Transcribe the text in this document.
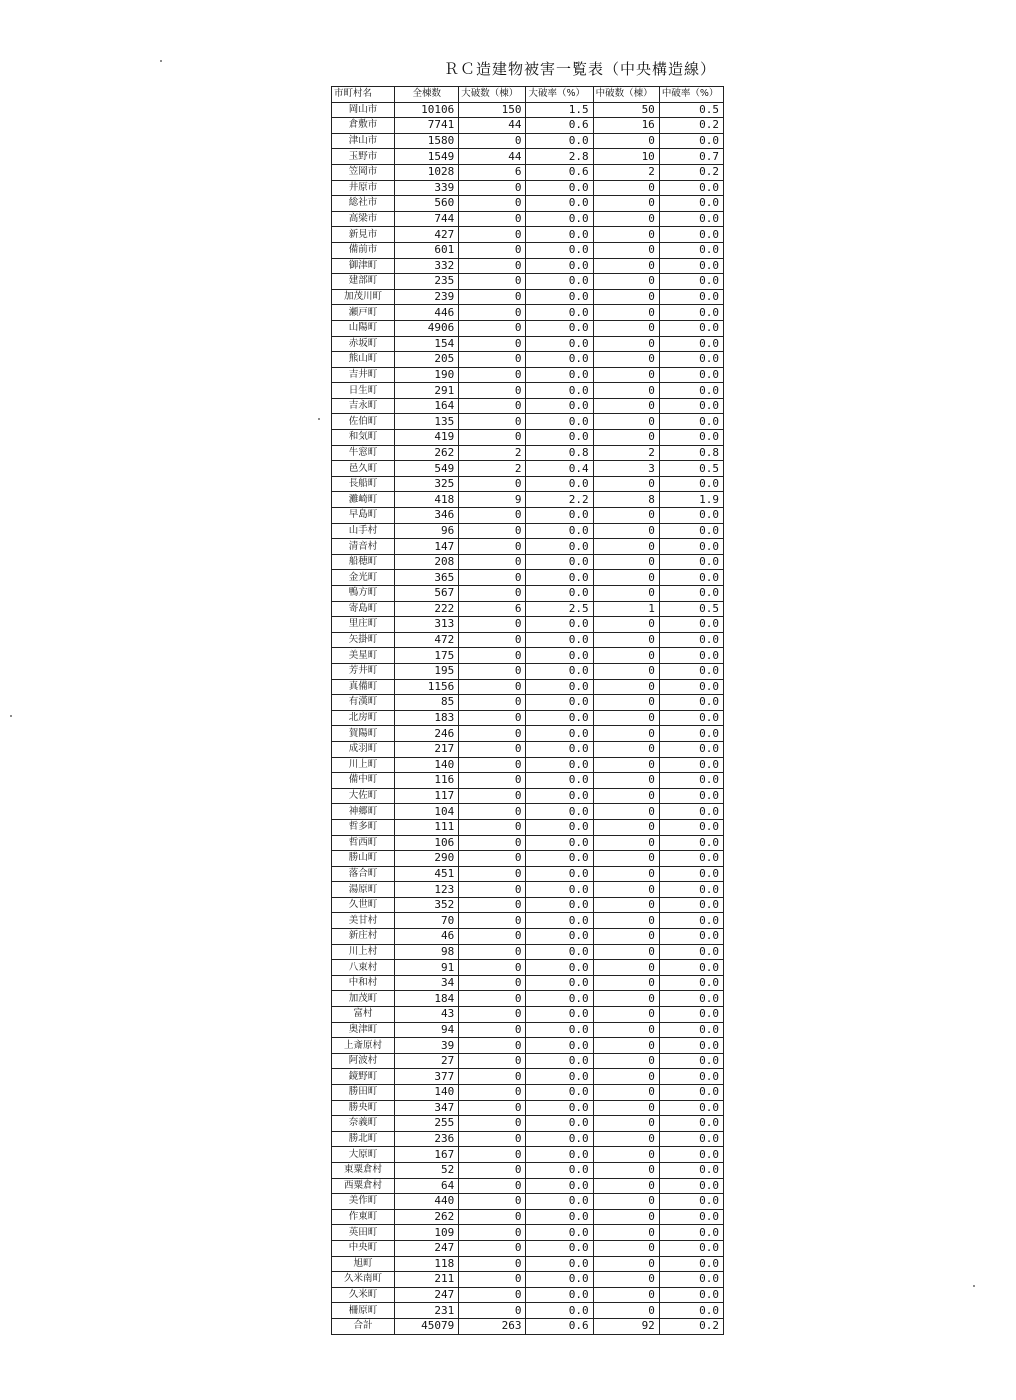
ＲＣ造建物被害一覧表（中央構造線）
市町村名	全棟数	大破数（棟）	大破率（%）	中破数（棟）	中破率（%）
岡山市	10106	150	1.5	50	0.5
倉敷市	7741	44	0.6	16	0.2
津山市	1580	0	0.0	0	0.0
玉野市	1549	44	2.8	10	0.7
笠岡市	1028	6	0.6	2	0.2
井原市	339	0	0.0	0	0.0
総社市	560	0	0.0	0	0.0
高梁市	744	0	0.0	0	0.0
新見市	427	0	0.0	0	0.0
備前市	601	0	0.0	0	0.0
御津町	332	0	0.0	0	0.0
建部町	235	0	0.0	0	0.0
加茂川町	239	0	0.0	0	0.0
瀬戸町	446	0	0.0	0	0.0
山陽町	4906	0	0.0	0	0.0
赤坂町	154	0	0.0	0	0.0
熊山町	205	0	0.0	0	0.0
吉井町	190	0	0.0	0	0.0
日生町	291	0	0.0	0	0.0
吉永町	164	0	0.0	0	0.0
佐伯町	135	0	0.0	0	0.0
和気町	419	0	0.0	0	0.0
牛窓町	262	2	0.8	2	0.8
邑久町	549	2	0.4	3	0.5
長船町	325	0	0.0	0	0.0
灘崎町	418	9	2.2	8	1.9
早島町	346	0	0.0	0	0.0
山手村	96	0	0.0	0	0.0
清音村	147	0	0.0	0	0.0
船穂町	208	0	0.0	0	0.0
金光町	365	0	0.0	0	0.0
鴨方町	567	0	0.0	0	0.0
寄島町	222	6	2.5	1	0.5
里庄町	313	0	0.0	0	0.0
矢掛町	472	0	0.0	0	0.0
美星町	175	0	0.0	0	0.0
芳井町	195	0	0.0	0	0.0
真備町	1156	0	0.0	0	0.0
有漢町	85	0	0.0	0	0.0
北房町	183	0	0.0	0	0.0
賀陽町	246	0	0.0	0	0.0
成羽町	217	0	0.0	0	0.0
川上町	140	0	0.0	0	0.0
備中町	116	0	0.0	0	0.0
大佐町	117	0	0.0	0	0.0
神郷町	104	0	0.0	0	0.0
哲多町	111	0	0.0	0	0.0
哲西町	106	0	0.0	0	0.0
勝山町	290	0	0.0	0	0.0
落合町	451	0	0.0	0	0.0
湯原町	123	0	0.0	0	0.0
久世町	352	0	0.0	0	0.0
美甘村	70	0	0.0	0	0.0
新庄村	46	0	0.0	0	0.0
川上村	98	0	0.0	0	0.0
八束村	91	0	0.0	0	0.0
中和村	34	0	0.0	0	0.0
加茂町	184	0	0.0	0	0.0
富村	43	0	0.0	0	0.0
奥津町	94	0	0.0	0	0.0
上斎原村	39	0	0.0	0	0.0
阿波村	27	0	0.0	0	0.0
鏡野町	377	0	0.0	0	0.0
勝田町	140	0	0.0	0	0.0
勝央町	347	0	0.0	0	0.0
奈義町	255	0	0.0	0	0.0
勝北町	236	0	0.0	0	0.0
大原町	167	0	0.0	0	0.0
東粟倉村	52	0	0.0	0	0.0
西粟倉村	64	0	0.0	0	0.0
美作町	440	0	0.0	0	0.0
作東町	262	0	0.0	0	0.0
英田町	109	0	0.0	0	0.0
中央町	247	0	0.0	0	0.0
旭町	118	0	0.0	0	0.0
久米南町	211	0	0.0	0	0.0
久米町	247	0	0.0	0	0.0
柵原町	231	0	0.0	0	0.0
合計	45079	263	0.6	92	0.2
